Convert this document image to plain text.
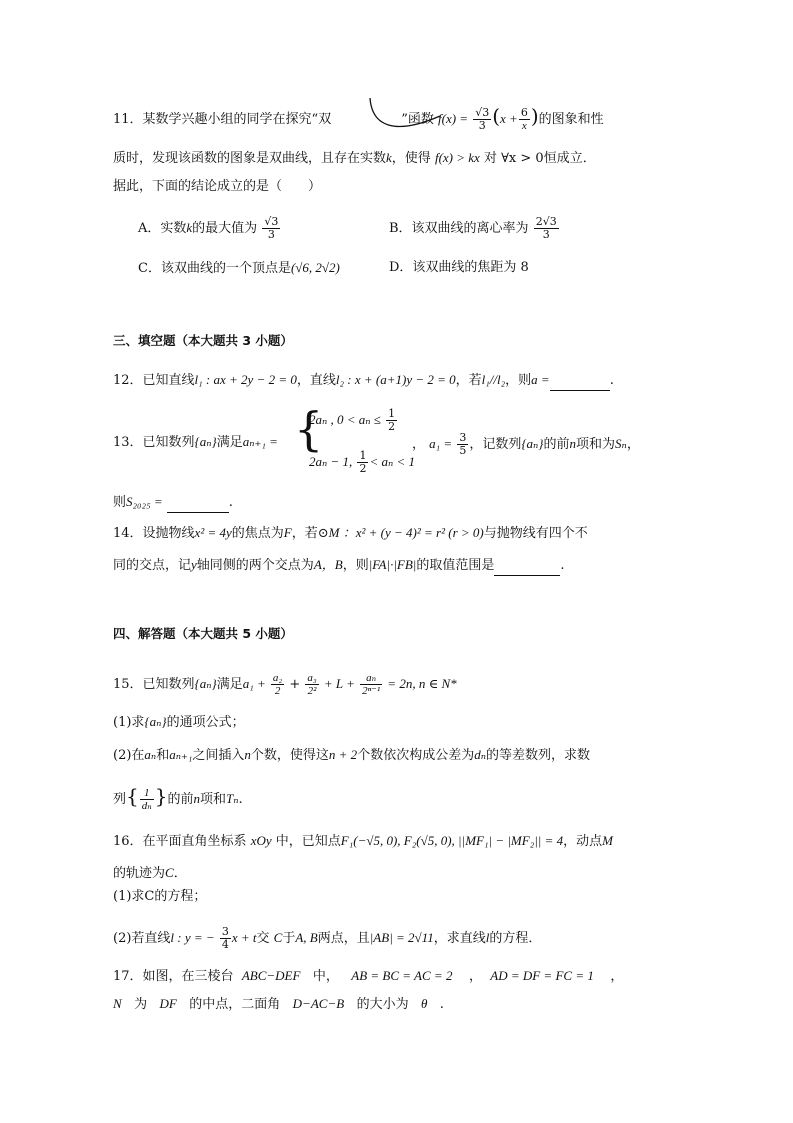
11．某数学兴趣小组的同学在探究“双	”函数 $f(x) = \frac{√3}{3} (x + \frac{6}{x}$ )的图象和性
质时，发现该函数的图象是双曲线，且存在实数k，使得 f(x) > kx 对 ∀x > 0恒成立．
据此，下面的结论成立的是（　　）
A．实数k的最大值为 $\frac{√3}{3}$	B．该双曲线的离心率为 $\frac{2√3}{3}$
C．该双曲线的一个顶点是(√6, 2√2)	D．该双曲线的焦距为 8
三、填空题（本大题共 3 小题）
12．已知直线l₁ : ax + 2y − 2 = 0，直线l₂ : x + (a+1)y − 2 = 0，若l₁//l₂，则a =	.
13．已知数列{aₙ}满足aₙ₊₁ = {
2aₙ , $0 < a_n \le \frac{1}{2}$
2aₙ − 1, $\frac{1}{2} < a_n < 1$
， $a_1 = \frac{3}{5}$ ，记数列{aₙ}的前n项和为Sₙ，
则S₂₀₂₅ =	.
14．设抛物线x² = 4y的焦点为F，若⊙M ：x² + (y − 4)² = r² (r > 0)与抛物线有四个不
同的交点，记y轴同侧的两个交点为A，B，则|FA|·|FB|的取值范围是	.
四、解答题（本大题共 5 小题）
15．已知数列{aₙ}满足$a_1 + \frac{\text{a₂}}{2} + \frac{\text{a₃}}{\text{2²}} + L + \frac{\text{aₙ}}{\text{2ⁿ⁻¹}} = 2n$, n ∈ N*
(1)求{aₙ}的通项公式；
(2)在aₙ和aₙ₊₁之间插入n个数，使得这n + 2个数依次构成公差为dₙ的等差数列，求数
列{ $\frac{1}{\text{dₙ}}$ }的前n项和Tₙ.
16．在平面直角坐标系 xOy 中，已知点F₁(−√5, 0), F₂(√5, 0), ||MF₁| − |MF₂|| = 4，动点M
的轨迹为C．
(1)求C的方程；
(2)若直线l : y = − $\frac{3}{4}$ x + t交 C于A, B两点，且|AB| = 2√11，求直线l的方程．
17．如图，在三棱台 ABC−DEF 中， AB = BC = AC = 2    ，  AD = DF = FC = 1    ，
N 为 DF 的中点，二面角 D−AC−B 的大小为 θ   .
